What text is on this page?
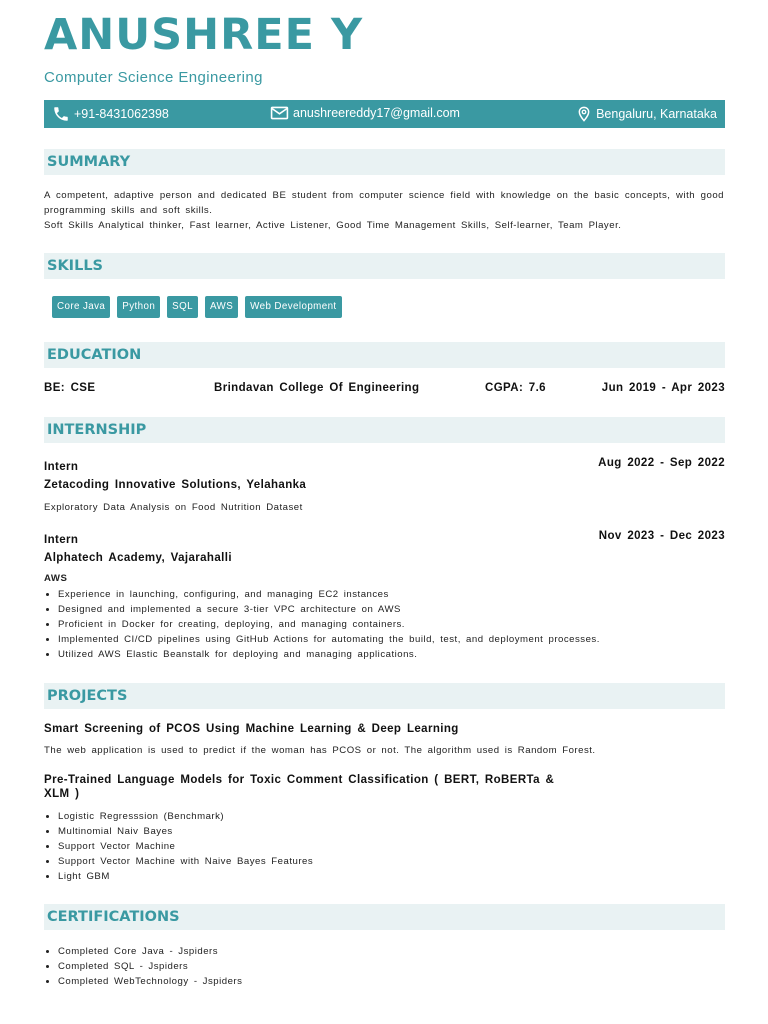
ANUSHREE Y
Computer Science Engineering
+91-8431062398	anushreereddy17@gmail.com	Bengaluru, Karnataka
SUMMARY
A competent, adaptive person and dedicated BE student from computer science field with knowledge on the basic concepts, with good programming skills and soft skills.
Soft Skills Analytical thinker, Fast learner, Active Listener, Good Time Management Skills, Self-learner, Team Player.
SKILLS
Core Java	Python	SQL	AWS	Web Development
EDUCATION
BE: CSE	Brindavan College Of Engineering	CGPA: 7.6	Jun 2019 - Apr 2023
INTERNSHIP
Intern	Aug 2022 - Sep 2022
Zetacoding Innovative Solutions, Yelahanka
Exploratory Data Analysis on Food Nutrition Dataset
Intern	Nov 2023 - Dec 2023
Alphatech Academy, Vajarahalli
AWS
• Experience in launching, configuring, and managing EC2 instances
• Designed and implemented a secure 3-tier VPC architecture on AWS
• Proficient in Docker for creating, deploying, and managing containers.
• Implemented CI/CD pipelines using GitHub Actions for automating the build, test, and deployment processes.
• Utilized AWS Elastic Beanstalk for deploying and managing applications.
PROJECTS
Smart Screening of PCOS Using Machine Learning & Deep Learning
The web application is used to predict if the woman has PCOS or not. The algorithm used is Random Forest.
Pre-Trained Language Models for Toxic Comment Classification ( BERT, RoBERTa & XLM )
• Logistic Regresssion (Benchmark)
• Multinomial Naiv Bayes
• Support Vector Machine
• Support Vector Machine with Naive Bayes Features
• Light GBM
CERTIFICATIONS
• Completed Core Java - Jspiders
• Completed SQL - Jspiders
• Completed WebTechnology - Jspiders
